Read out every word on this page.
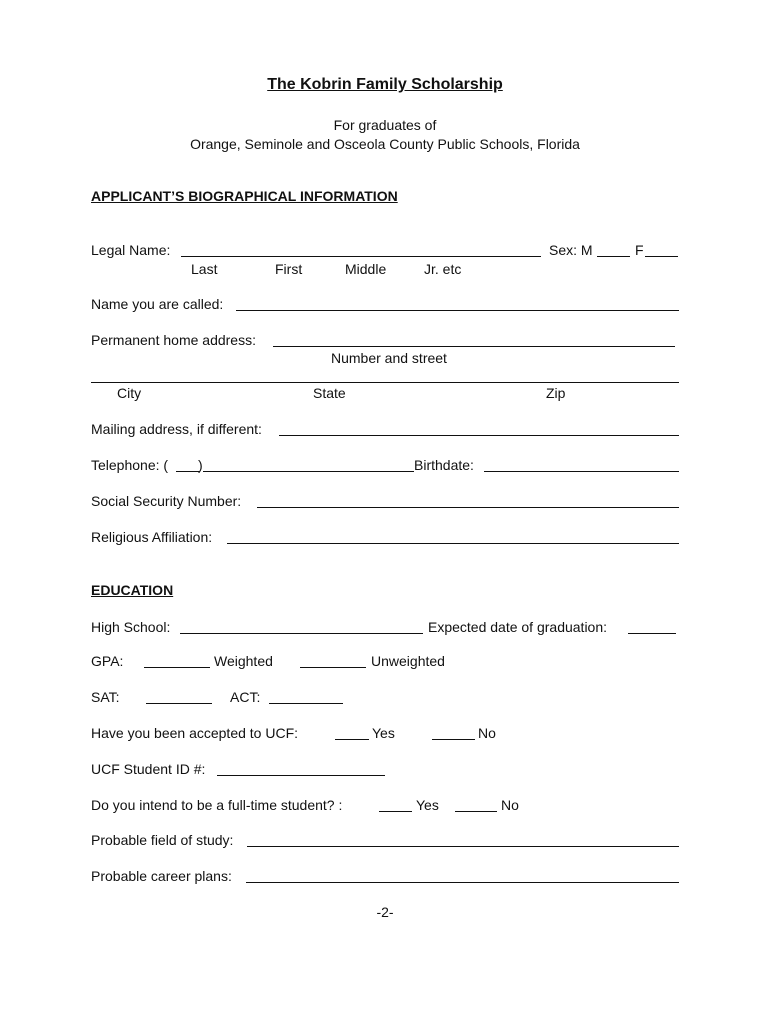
The Kobrin Family Scholarship
For graduates of
Orange, Seminole and Osceola County Public Schools, Florida
APPLICANT’S BIOGRAPHICAL INFORMATION
Legal Name:	Sex: M	F
Last	First	Middle	Jr. etc
Name you are called:
Permanent home address:
Number and street
City	State	Zip
Mailing address, if different:
Telephone: ( )	Birthdate:
Social Security Number:
Religious Affiliation:
EDUCATION
High School:	Expected date of graduation:
GPA:	Weighted	Unweighted
SAT:	ACT:
Have you been accepted to UCF:	Yes	No
UCF Student ID #:
Do you intend to be a full-time student? :	Yes	No
Probable field of study:
Probable career plans:
-2-
